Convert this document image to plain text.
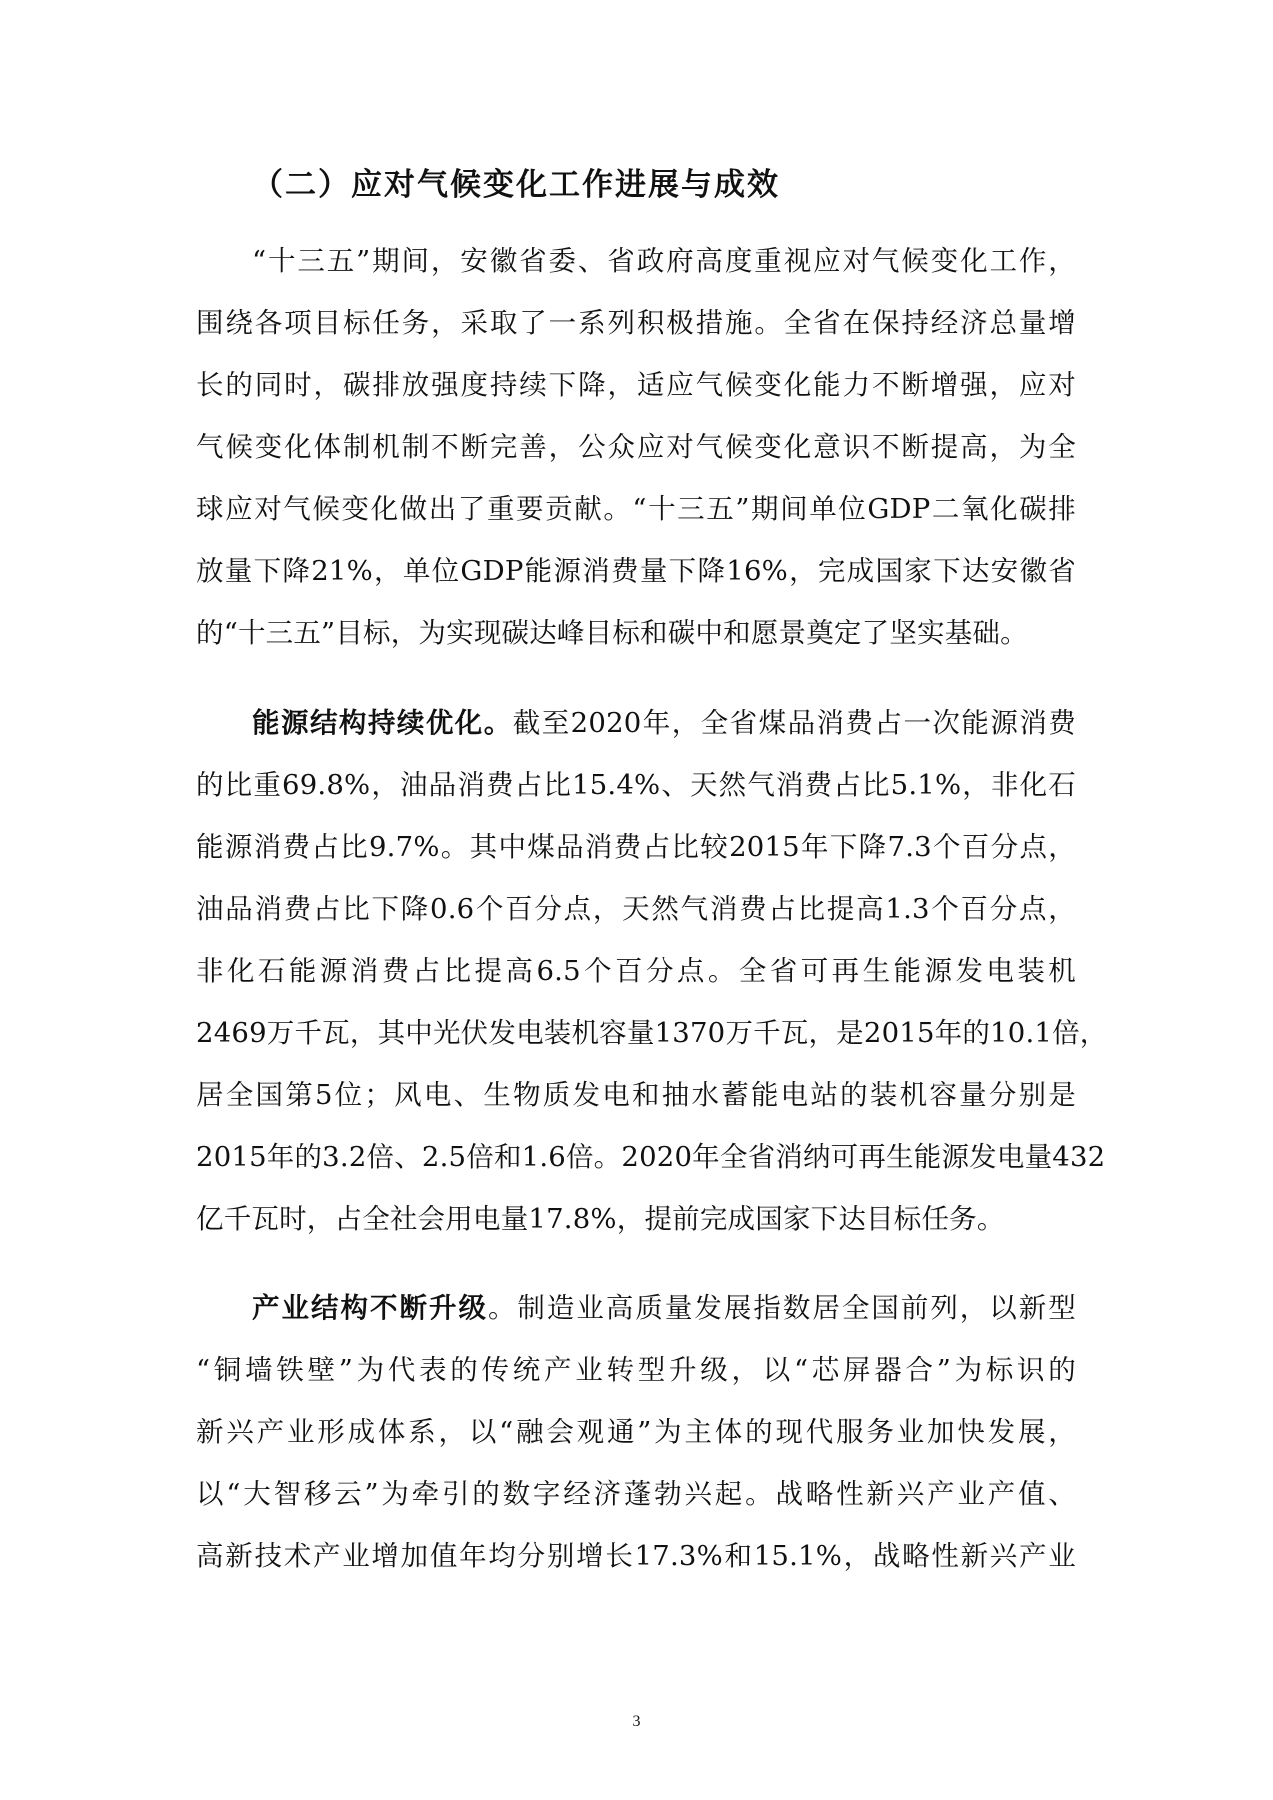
（二）应对气候变化工作进展与成效
“十三五”期间，安徽省委、省政府高度重视应对气候变化工作，
围绕各项目标任务，采取了一系列积极措施。全省在保持经济总量增
长的同时，碳排放强度持续下降，适应气候变化能力不断增强，应对
气候变化体制机制不断完善，公众应对气候变化意识不断提高，为全
球应对气候变化做出了重要贡献。“十三五”期间单位GDP二氧化碳排
放量下降21%，单位GDP能源消费量下降16%，完成国家下达安徽省
的“十三五”目标，为实现碳达峰目标和碳中和愿景奠定了坚实基础。
能源结构持续优化。截至2020年，全省煤品消费占一次能源消费
的比重69.8%，油品消费占比15.4%、天然气消费占比5.1%，非化石
能源消费占比9.7%。其中煤品消费占比较2015年下降7.3个百分点，
油品消费占比下降0.6个百分点，天然气消费占比提高1.3个百分点，
非化石能源消费占比提高6.5个百分点。全省可再生能源发电装机
2469万千瓦，其中光伏发电装机容量1370万千瓦，是2015年的10.1倍，
居全国第5位；风电、生物质发电和抽水蓄能电站的装机容量分别是
2015年的3.2倍、2.5倍和1.6倍。2020年全省消纳可再生能源发电量432
亿千瓦时，占全社会用电量17.8%，提前完成国家下达目标任务。
产业结构不断升级。制造业高质量发展指数居全国前列，以新型
“铜墙铁壁”为代表的传统产业转型升级，以“芯屏器合”为标识的
新兴产业形成体系，以“融会观通”为主体的现代服务业加快发展，
以“大智移云”为牵引的数字经济蓬勃兴起。战略性新兴产业产值、
高新技术产业增加值年均分别增长17.3%和15.1%，战略性新兴产业
3
